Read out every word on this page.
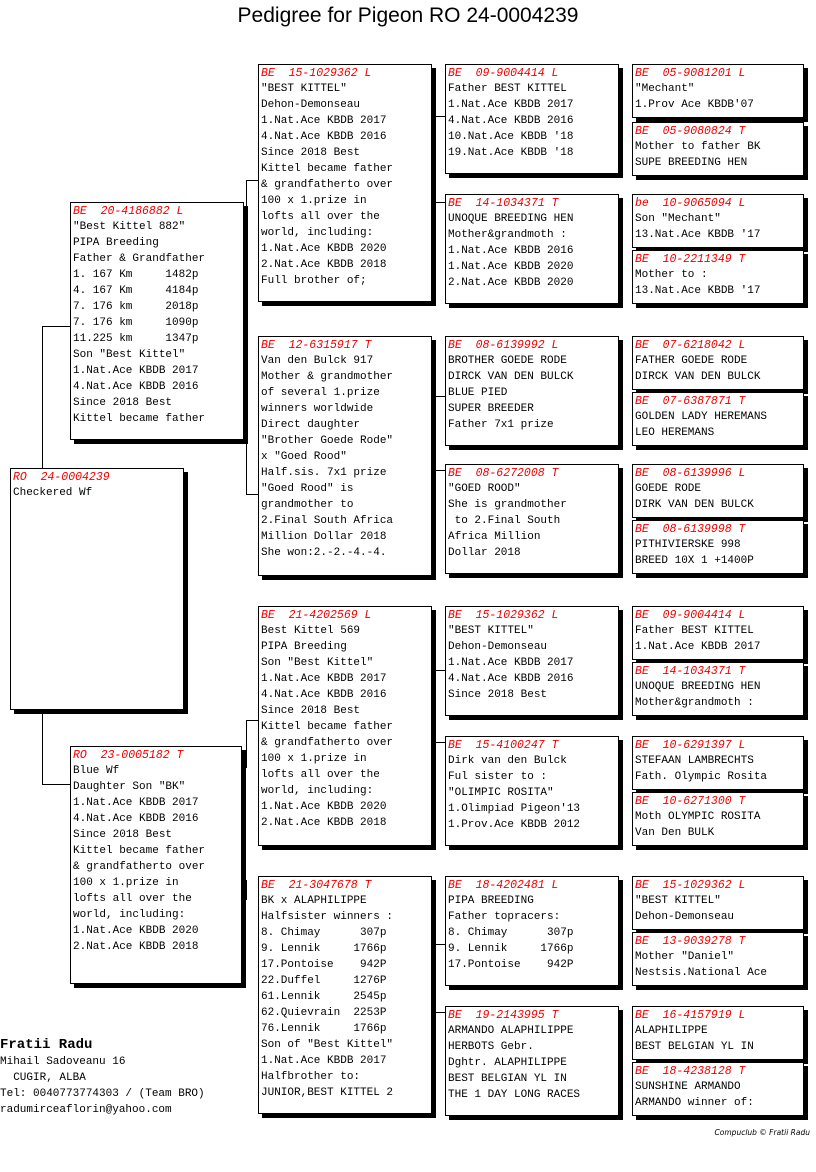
Pedigree for Pigeon RO 24-0004239
RO  24-0004239
Checkered Wf
BE  20-4186882 L
"Best Kittel 882"
PIPA Breeding
Father & Grandfather
1. 167 Km     1482p
4. 167 Km     4184p
7. 176 km     2018p
7. 176 km     1090p
11.225 km     1347p
Son "Best Kittel"
1.Nat.Ace KBDB 2017
4.Nat.Ace KBDB 2016
Since 2018 Best
Kittel became father
RO  23-0005182 T
Blue Wf
Daughter Son "BK"
1.Nat.Ace KBDB 2017
4.Nat.Ace KBDB 2016
Since 2018 Best
Kittel became father
& grandfatherto over
100 x 1.prize in
lofts all over the
world, including:
1.Nat.Ace KBDB 2020
2.Nat.Ace KBDB 2018
BE  15-1029362 L
"BEST KITTEL"
Dehon-Demonseau
1.Nat.Ace KBDB 2017
4.Nat.Ace KBDB 2016
Since 2018 Best
Kittel became father
& grandfatherto over
100 x 1.prize in
lofts all over the
world, including:
1.Nat.Ace KBDB 2020
2.Nat.Ace KBDB 2018
Full brother of;
BE  12-6315917 T
Van den Bulck 917
Mother & grandmother
of several 1.prize
winners worldwide
Direct daughter
"Brother Goede Rode"
x "Goed Rood"
Half.sis. 7x1 prize
"Goed Rood" is
grandmother to
2.Final South Africa
Million Dollar 2018
She won:2.-2.-4.-4.
BE  21-4202569 L
Best Kittel 569
PIPA Breeding
Son "Best Kittel"
1.Nat.Ace KBDB 2017
4.Nat.Ace KBDB 2016
Since 2018 Best
Kittel became father
& grandfatherto over
100 x 1.prize in
lofts all over the
world, including:
1.Nat.Ace KBDB 2020
2.Nat.Ace KBDB 2018
BE  21-3047678 T
BK x ALAPHILIPPE
Halfsister winners :
8. Chimay      307p
9. Lennik     1766p
17.Pontoise    942P
22.Duffel     1276P
61.Lennik     2545p
62.Quievrain  2253P
76.Lennik     1766p
Son of "Best Kittel"
1.Nat.Ace KBDB 2017
Halfbrother to:
JUNIOR,BEST KITTEL 2
BE  09-9004414 L
Father BEST KITTEL
1.Nat.Ace KBDB 2017
4.Nat.Ace KBDB 2016
10.Nat.Ace KBDB '18
19.Nat.Ace KBDB '18
BE  14-1034371 T
UNOQUE BREEDING HEN
Mother&grandmoth :
1.Nat.Ace KBDB 2016
1.Nat.Ace KBDB 2020
2.Nat.Ace KBDB 2020
BE  08-6139992 L
BROTHER GOEDE RODE
DIRCK VAN DEN BULCK
BLUE PIED
SUPER BREEDER
Father 7x1 prize
BE  08-6272008 T
"GOED ROOD"
She is grandmother
to 2.Final South
Africa Million
Dollar 2018
BE  15-1029362 L
"BEST KITTEL"
Dehon-Demonseau
1.Nat.Ace KBDB 2017
4.Nat.Ace KBDB 2016
Since 2018 Best
BE  15-4100247 T
Dirk van den Bulck
Ful sister to :
"OLIMPIC ROSITA"
1.Olimpiad Pigeon'13
1.Prov.Ace KBDB 2012
BE  18-4202481 L
PIPA BREEDING
Father topracers:
8. Chimay      307p
9. Lennik     1766p
17.Pontoise    942P
BE  19-2143995 T
ARMANDO ALAPHILIPPE
HERBOTS Gebr.
Dghtr. ALAPHILIPPE
BEST BELGIAN YL IN
THE 1 DAY LONG RACES
BE  05-9081201 L
"Mechant"
1.Prov Ace KBDB'07
BE  05-9080824 T
Mother to father BK
SUPE BREEDING HEN
be  10-9065094 L
Son "Mechant"
13.Nat.Ace KBDB '17
BE  10-2211349 T
Mother to :
13.Nat.Ace KBDB '17
BE  07-6218042 L
FATHER GOEDE RODE
DIRCK VAN DEN BULCK
BE  07-6387871 T
GOLDEN LADY HEREMANS
LEO HEREMANS
BE  08-6139996 L
GOEDE RODE
DIRK VAN DEN BULCK
BE  08-6139998 T
PITHIVIERSKE 998
BREED 10X 1 +1400P
BE  09-9004414 L
Father BEST KITTEL
1.Nat.Ace KBDB 2017
BE  14-1034371 T
UNOQUE BREEDING HEN
Mother&grandmoth :
BE  10-6291397 L
STEFAAN LAMBRECHTS
Fath. Olympic Rosita
BE  10-6271300 T
Moth OLYMPIC ROSITA
Van Den BULK
BE  15-1029362 L
"BEST KITTEL"
Dehon-Demonseau
BE  13-9039278 T
Mother "Daniel"
Nestsis.National Ace
BE  16-4157919 L
ALAPHILIPPE
BEST BELGIAN YL IN
BE  18-4238128 T
SUNSHINE ARMANDO
ARMANDO winner of:
Fratii Radu
Mihail Sadoveanu 16
CUGIR, ALBA
Tel: 0040773774303 / (Team BRO)
radumirceaflorin@yahoo.com
Compuclub © Fratii Radu
